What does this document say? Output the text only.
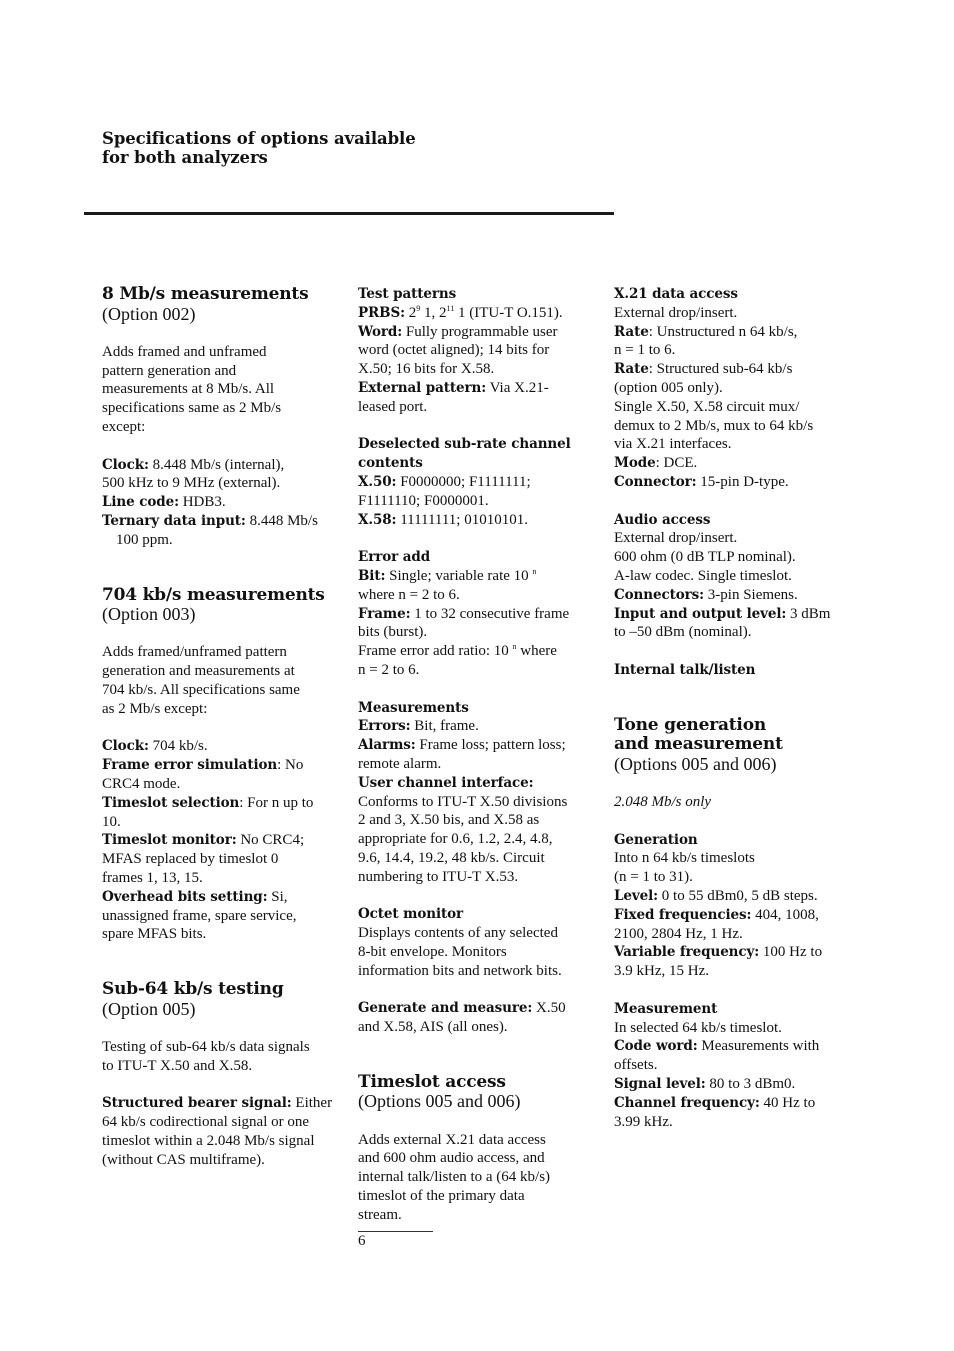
Specifications of options available
for both analyzers
8 Mb/s measurements
(Option 002)

Adds framed and unframed
pattern generation and
measurements at 8 Mb/s. All
specifications same as 2 Mb/s
except:

Clock: 8.448 Mb/s (internal),

500 kHz to 9 MHz (external).

Line code: HDB3.

Ternary data input: 8.448 Mb/s

100 ppm.

704 kb/s measurements
(Option 003)

Adds framed/unframed pattern
generation and measurements at
704 kb/s. All specifications same
as 2 Mb/s except:

Clock: 704 kb/s.

Frame error simulation: No

CRC4 mode.

Timeslot selection: For n up to

10.

Timeslot monitor: No CRC4;

MFAS replaced by timeslot 0

frames 1, 13, 15.

Overhead bits setting: Si,

unassigned frame, spare service,

spare MFAS bits.

Sub-64 kb/s testing
(Option 005)

Testing of sub-64 kb/s data signals
to ITU-T X.50 and X.58.

Structured bearer signal: Either

64 kb/s codirectional signal or one

timeslot within a 2.048 Mb/s signal

(without CAS multiframe).

Test patterns

PRBS: $2^9$ 1, $2^{11}$ 1 (ITU-T O.151).

Word: Fully programmable user

word (octet aligned); 14 bits for

X.50; 16 bits for X.58.

External pattern: Via X.21-

leased port.

Deselected sub-rate channel
contents

X.50: F0000000; F1111111;

F1111110; F0000001.

X.58: 11111111; 01010101.

Error add

Bit: Single; variable rate 10 $^n$

where n = 2 to 6.

Frame: 1 to 32 consecutive frame

bits (burst).

Frame error add ratio: 10 $^n$ where

n = 2 to 6.

Measurements

Errors: Bit, frame.

Alarms: Frame loss; pattern loss;

remote alarm.

User channel interface:

Conforms to ITU-T X.50 divisions

2 and 3, X.50 bis, and X.58 as

appropriate for 0.6, 1.2, 2.4, 4.8,

9.6, 14.4, 19.2, 48 kb/s. Circuit

numbering to ITU-T X.53.

Octet monitor

Displays contents of any selected

8-bit envelope. Monitors

information bits and network bits.

Generate and measure: X.50

and X.58, AIS (all ones).

Timeslot access
(Options 005 and 006)

Adds external X.21 data access

and 600 ohm audio access, and

internal talk/listen to a (64 kb/s)

timeslot of the primary data

stream.

X.21 data access

External drop/insert.

Rate: Unstructured n 64 kb/s,

n = 1 to 6.

Rate: Structured sub-64 kb/s

(option 005 only).

Single X.50, X.58 circuit mux/

demux to 2 Mb/s, mux to 64 kb/s

via X.21 interfaces.

Mode: DCE.

Connector: 15-pin D-type.

Audio access

External drop/insert.

600 ohm (0 dB TLP nominal).

A-law codec. Single timeslot.

Connectors: 3-pin Siemens.

Input and output level: 3 dBm

to –50 dBm (nominal).

Internal talk/listen
Tone generation
and measurement
(Options 005 and 006)

2.048 Mb/s only

Generation

Into n 64 kb/s timeslots

(n = 1 to 31).

Level: 0 to 55 dBm0, 5 dB steps.

Fixed frequencies: 404, 1008,

2100, 2804 Hz, 1 Hz.

Variable frequency: 100 Hz to

3.9 kHz, 15 Hz.

Measurement

In selected 64 kb/s timeslot.

Code word: Measurements with

offsets.

Signal level: 80 to 3 dBm0.

Channel frequency: 40 Hz to

3.99 kHz.

6
